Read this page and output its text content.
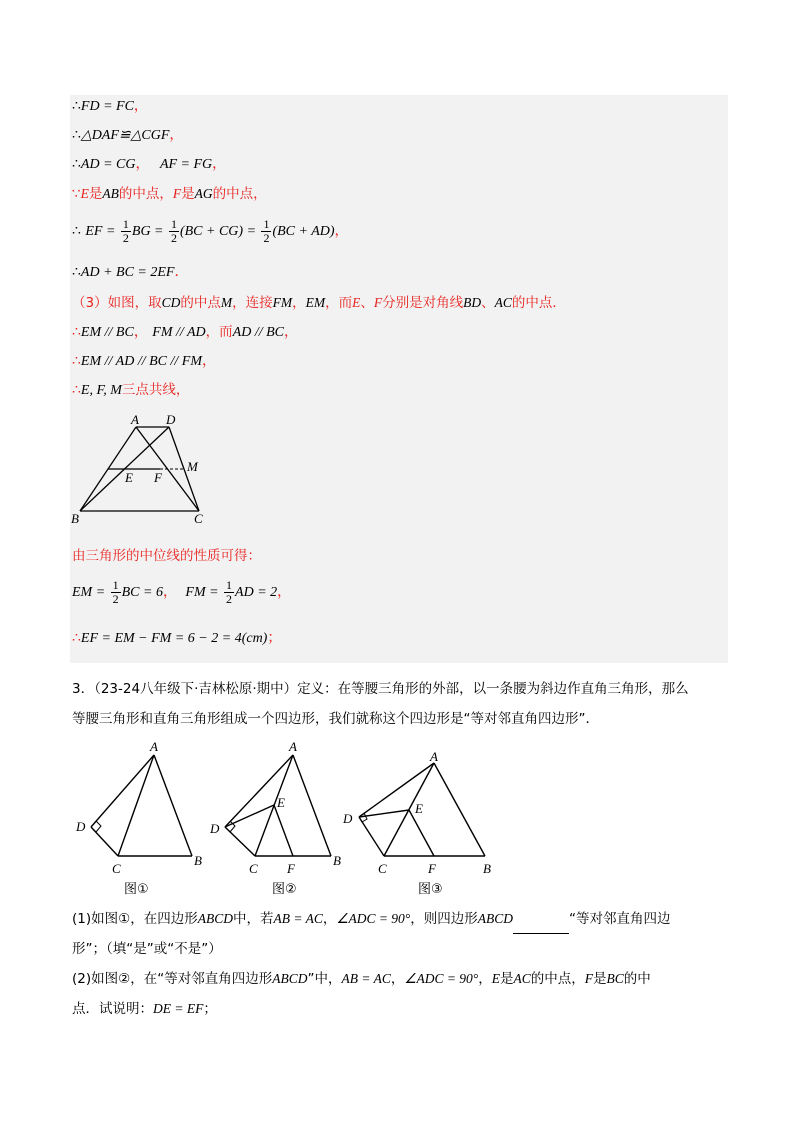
∴FD = FC，
∴△DAF≌△CGF，
∴AD = CG， AF = FG，
∵E是AB的中点，F是AG的中点，
∴ EF = $\frac{1}{2}$ BG = $\frac{1}{2} (BC + CG) = \frac{1}{2} (BC + AD)$，
∴AD + BC = 2EF．
（3）如图，取CD的中点M，连接FM，EM，而E、F分别是对角线BD、AC的中点．
∴EM // BC， FM // AD，而AD // BC，
∴EM // AD // BC // FM，
∴E, F, M三点共线，
A D
M
E F
B	C
由三角形的中位线的性质可得：
EM = $\frac{1}{2}$ BC = 6， FM = $\frac{1}{2}$ AD = 2，
∴EF = EM − FM = 6 − 2 = 4(cm)；
3．（23-24八年级下·吉林松原·期中）定义：在等腰三角形的外部，以一条腰为斜边作直角三角形，那么
等腰三角形和直角三角形组成一个四边形，我们就称这个四边形是“等对邻直角四边形”．
A
D
C
B
图①
A
E
D
C F
B
图②
A
E
D
C	F	B
图③
(1)如图①，在四边形ABCD中，若AB = AC，∠ADC = 90°，则四边形ABCD	“等对邻直角四边
形”；（填“是”或“不是”）
(2)如图②，在“等对邻直角四边形ABCD”中，AB = AC，∠ADC = 90°，E是AC的中点，F是BC的中
点．试说明：DE = EF；
